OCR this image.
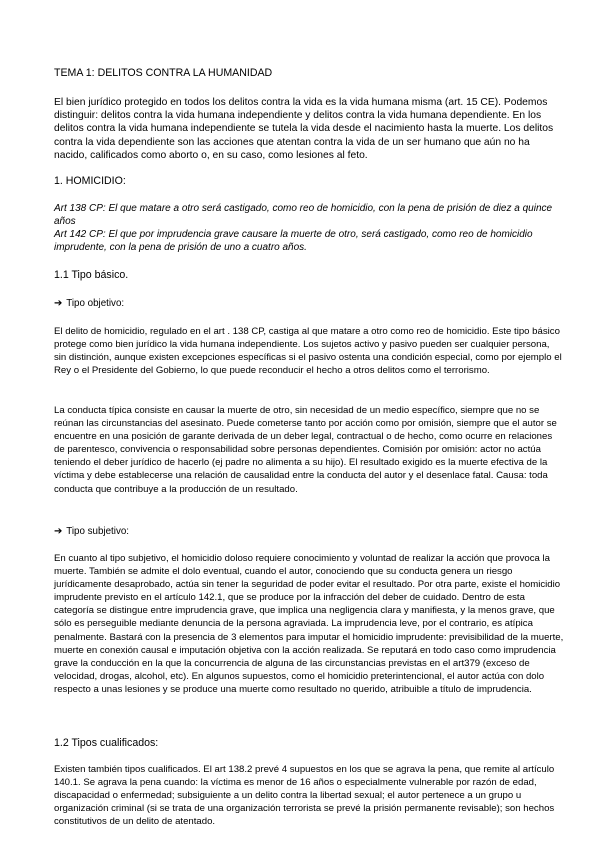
TEMA 1: DELITOS CONTRA LA HUMANIDAD

El bien jurídico protegido en todos los delitos contra la vida es la vida humana misma (art. 15 CE). Podemos distinguir: delitos contra la vida humana independiente y delitos contra la vida humana dependiente. En los delitos contra la vida humana independiente se tutela la vida desde el nacimiento hasta la muerte. Los delitos contra la vida dependiente son las acciones que atentan contra la vida de un ser humano que aún no ha nacido, calificados como aborto o, en su caso, como lesiones al feto.

1. HOMICIDIO:

Art 138 CP: El que matare a otro será castigado, como reo de homicidio, con la pena de prisión de diez a quince años

Art 142 CP: El que por imprudencia grave causare la muerte de otro, será castigado, como reo de homicidio imprudente, con la pena de prisión de uno a cuatro años.

1.1 Tipo básico.

➔ Tipo objetivo:

El delito de homicidio, regulado en el art . 138 CP, castiga al que matare a otro como reo de homicidio. Este tipo básico protege como bien jurídico la vida humana independiente. Los sujetos activo y pasivo pueden ser cualquier persona, sin distinción, aunque existen excepciones específicas si el pasivo ostenta una condición especial, como por ejemplo el Rey o el Presidente del Gobierno, lo que puede reconducir el hecho a otros delitos como el terrorismo.

La conducta típica consiste en causar la muerte de otro, sin necesidad de un medio específico, siempre que no se reúnan las circunstancias del asesinato. Puede cometerse tanto por acción como por omisión, siempre que el autor se encuentre en una posición de garante derivada de un deber legal, contractual o de hecho, como ocurre en relaciones de parentesco, convivencia o responsabilidad sobre personas dependientes. Comisión por omisión: actor no actúa teniendo el deber jurídico de hacerlo (ej padre no alimenta a su hijo). El resultado exigido es la muerte efectiva de la víctima y debe establecerse una relación de causalidad entre la conducta del autor y el desenlace fatal. Causa: toda conducta que contribuye a la producción de un resultado.

➔ Tipo subjetivo:

En cuanto al tipo subjetivo, el homicidio doloso requiere conocimiento y voluntad de realizar la acción que provoca la muerte. También se admite el dolo eventual, cuando el autor, conociendo que su conducta genera un riesgo jurídicamente desaprobado, actúa sin tener la seguridad de poder evitar el resultado. Por otra parte, existe el homicidio imprudente previsto en el artículo 142.1, que se produce por la infracción del deber de cuidado. Dentro de esta categoría se distingue entre imprudencia grave, que implica una negligencia clara y manifiesta, y la menos grave, que sólo es perseguible mediante denuncia de la persona agraviada. La imprudencia leve, por el contrario, es atípica penalmente. Bastará con la presencia de 3 elementos para imputar el homicidio imprudente: previsibilidad de la muerte, muerte en conexión causal e imputación objetiva con la acción realizada. Se reputará en todo caso como imprudencia grave la conducción en la que la concurrencia de alguna de las circunstancias previstas en el art379 (exceso de velocidad, drogas, alcohol, etc). En algunos supuestos, como el homicidio preterintencional, el autor actúa con dolo respecto a unas lesiones y se produce una muerte como resultado no querido, atribuible a título de imprudencia.

1.2 Tipos cualificados:

Existen también tipos cualificados. El art 138.2 prevé 4 supuestos en los que se agrava la pena, que remite al artículo 140.1. Se agrava la pena cuando: la víctima es menor de 16 años o especialmente vulnerable por razón de edad, discapacidad o enfermedad; subsiguiente a un delito contra la libertad sexual; el autor pertenece a un grupo u organización criminal (si se trata de una organización terrorista se prevé la prisión permanente revisable); son hechos constitutivos de un delito de atentado.
